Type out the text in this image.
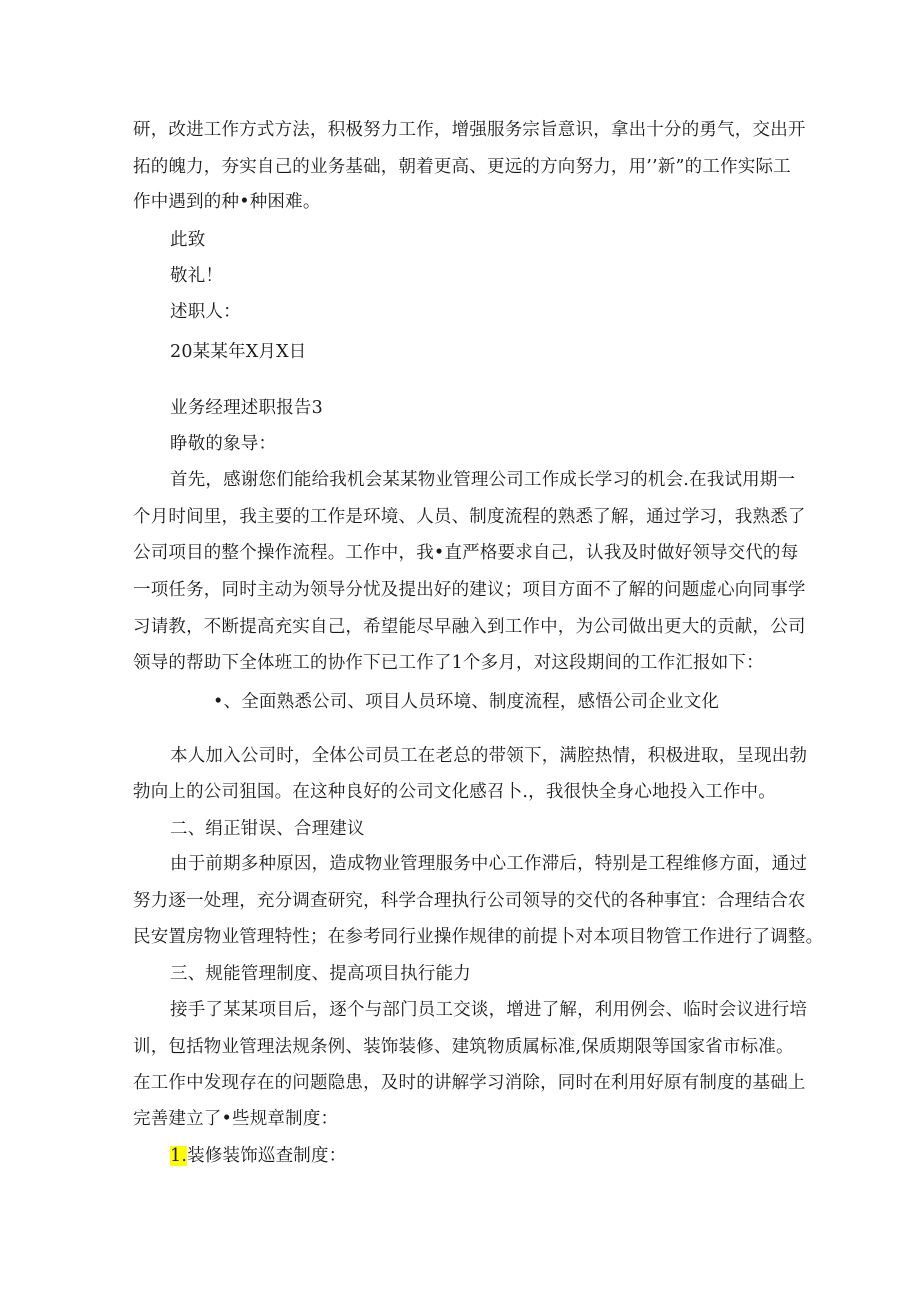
研，改进工作方式方法，积极努力工作，增强服务宗旨意识，拿出十分的勇气，交出开
拓的魄力，夯实自己的业务基础，朝着更高、更远的方向努力，用’’新”的工作实际工
作中遇到的种•种困难。
此致
敬礼！
述职人：
20某某年X月X日
业务经理述职报告3
睁敬的象导：
首先，感谢您们能给我机会某某物业管理公司工作成长学习的机会.在我试用期一
个月时间里，我主要的工作是环境、人员、制度流程的熟悉了解，通过学习，我熟悉了
公司项目的整个操作流程。工作中，我•直严格要求自己，认我及时做好领导交代的每
一项任务，同时主动为领导分忧及提出好的建议；项目方面不了解的问题虚心向同事学
习请教，不断提高充实自己，希望能尽早融入到工作中，为公司做出更大的贡献，公司
领导的帮助下全体班工的协作下已工作了1个多月，对这段期间的工作汇报如下：
•、全面熟悉公司、项目人员环境、制度流程，感悟公司企业文化
本人加入公司时，全体公司员工在老总的带领下，满腔热情，积极进取，呈现出勃
勃向上的公司狙国。在这种良好的公司文化感召卜.，我很快全身心地投入工作中。
二、绢正钳误、合理建议
由于前期多种原因，造成物业管理服务中心工作滞后，特别是工程维修方面，通过
努力逐一处理，充分调查研究，科学合理执行公司领导的交代的各种事宜：合理结合农
民安置房物业管理特性；在参考同行业操作规律的前提卜对本项目物管工作进行了调整。
三、规能管理制度、提高项目执行能力
接手了某某项目后，逐个与部门员工交谈，增进了解，利用例会、临时会议进行培
训，包括物业管理法规条例、装饰装修、建筑物质属标准,保质期限等国家省市标准。
在工作中发现存在的问题隐患，及时的讲解学习消除，同时在利用好原有制度的基础上
完善建立了•些规章制度：
1.装修装饰巡查制度：
